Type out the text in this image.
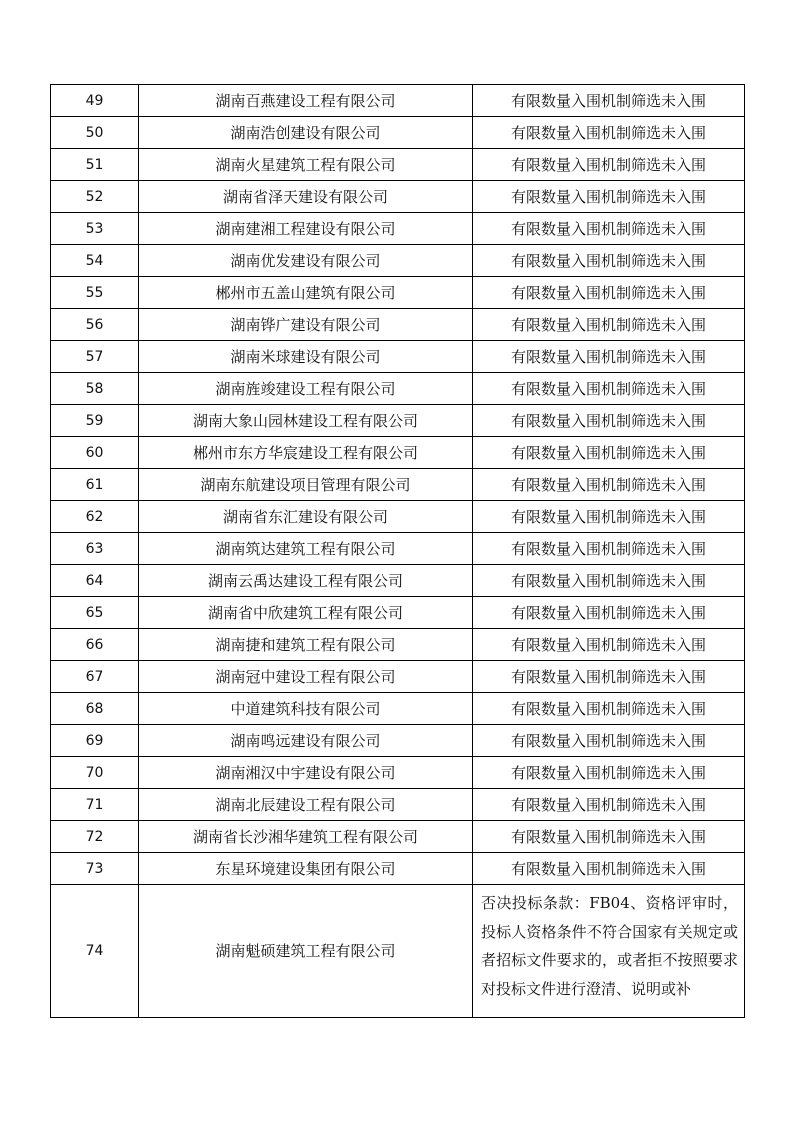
49	湖南百燕建设工程有限公司	有限数量入围机制筛选未入围
50	湖南浩创建设有限公司	有限数量入围机制筛选未入围
51	湖南火星建筑工程有限公司	有限数量入围机制筛选未入围
52	湖南省泽天建设有限公司	有限数量入围机制筛选未入围
53	湖南建湘工程建设有限公司	有限数量入围机制筛选未入围
54	湖南优发建设有限公司	有限数量入围机制筛选未入围
55	郴州市五盖山建筑有限公司	有限数量入围机制筛选未入围
56	湖南铧广建设有限公司	有限数量入围机制筛选未入围
57	湖南米球建设有限公司	有限数量入围机制筛选未入围
58	湖南旌竣建设工程有限公司	有限数量入围机制筛选未入围
59	湖南大象山园林建设工程有限公司	有限数量入围机制筛选未入围
60	郴州市东方华宸建设工程有限公司	有限数量入围机制筛选未入围
61	湖南东航建设项目管理有限公司	有限数量入围机制筛选未入围
62	湖南省东汇建设有限公司	有限数量入围机制筛选未入围
63	湖南筑达建筑工程有限公司	有限数量入围机制筛选未入围
64	湖南云禹达建设工程有限公司	有限数量入围机制筛选未入围
65	湖南省中欣建筑工程有限公司	有限数量入围机制筛选未入围
66	湖南捷和建筑工程有限公司	有限数量入围机制筛选未入围
67	湖南冠中建设工程有限公司	有限数量入围机制筛选未入围
68	中道建筑科技有限公司	有限数量入围机制筛选未入围
69	湖南鸣远建设有限公司	有限数量入围机制筛选未入围
70	湖南湘汉中宇建设有限公司	有限数量入围机制筛选未入围
71	湖南北辰建设工程有限公司	有限数量入围机制筛选未入围
72	湖南省长沙湘华建筑工程有限公司	有限数量入围机制筛选未入围
73	东星环境建设集团有限公司	有限数量入围机制筛选未入围
74	湖南魁硕建筑工程有限公司	否决投标条款：FB04、资格评审时，投标人资格条件不符合国家有关规定或者招标文件要求的，或者拒不按照要求对投标文件进行澄清、说明或补
